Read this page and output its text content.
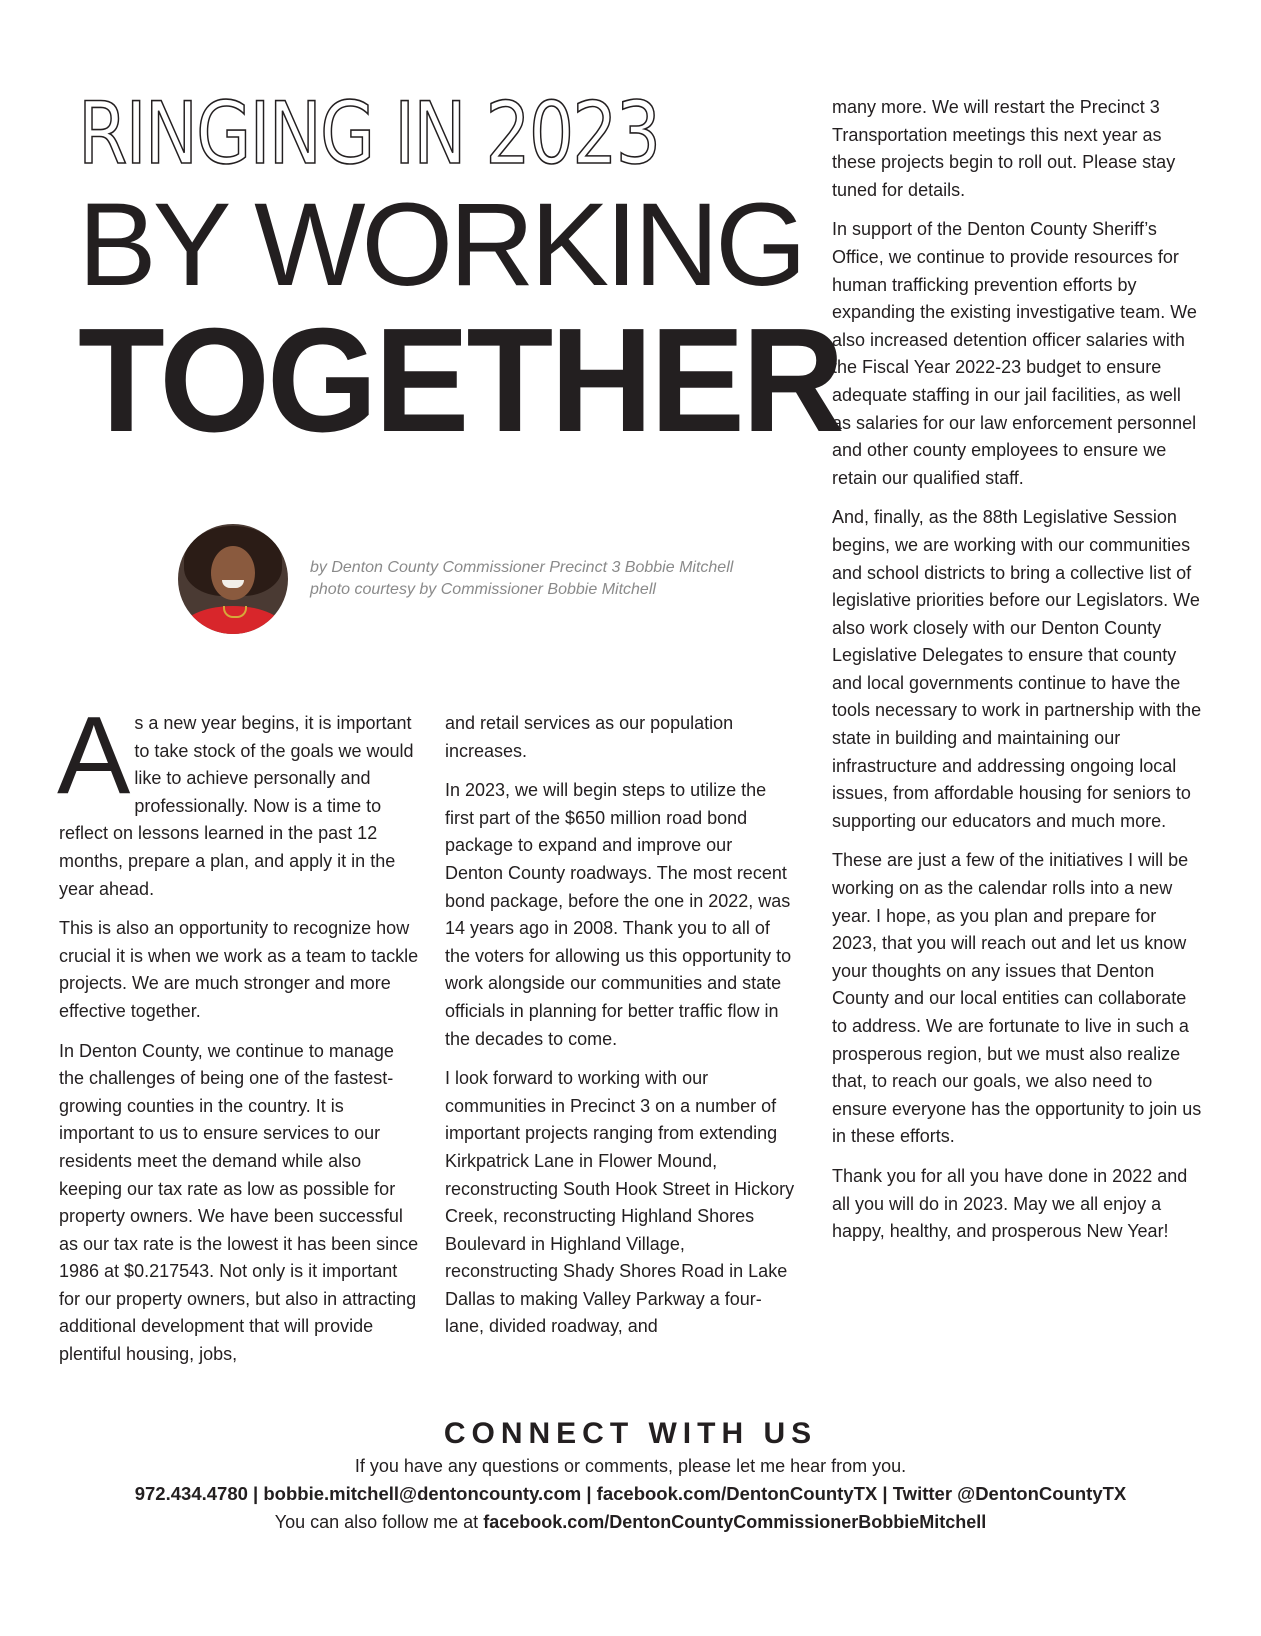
RINGING IN 2023
BY WORKING
TOGETHER
by Denton County Commissioner Precinct 3 Bobbie Mitchell
photo courtesy by Commissioner Bobbie Mitchell

As a new year begins, it is important to take stock of the goals we would like to achieve personally and professionally. Now is a time to reflect on lessons learned in the past 12 months, prepare a plan, and apply it in the year ahead.

This is also an opportunity to recognize how crucial it is when we work as a team to tackle projects. We are much stronger and more effective together.

In Denton County, we continue to manage the challenges of being one of the fastest-growing counties in the country. It is important to us to ensure services to our residents meet the demand while also keeping our tax rate as low as possible for property owners. We have been successful as our tax rate is the lowest it has been since 1986 at $0.217543. Not only is it important for our property owners, but also in attracting additional development that will provide plentiful housing, jobs,

and retail services as our population increases.

In 2023, we will begin steps to utilize the first part of the $650 million road bond package to expand and improve our Denton County roadways. The most recent bond package, before the one in 2022, was 14 years ago in 2008. Thank you to all of the voters for allowing us this opportunity to work alongside our communities and state officials in planning for better traffic flow in the decades to come.

I look forward to working with our communities in Precinct 3 on a number of important projects ranging from extending Kirkpatrick Lane in Flower Mound, reconstructing South Hook Street in Hickory Creek, reconstructing Highland Shores Boulevard in Highland Village, reconstructing Shady Shores Road in Lake Dallas to making Valley Parkway a four-lane, divided roadway, and

many more. We will restart the Precinct 3 Transportation meetings this next year as these projects begin to roll out. Please stay tuned for details.

In support of the Denton County Sheriff’s Office, we continue to provide resources for human trafficking prevention efforts by expanding the existing investigative team. We also increased detention officer salaries with the Fiscal Year 2022-23 budget to ensure adequate staffing in our jail facilities, as well as salaries for our law enforcement personnel and other county employees to ensure we retain our qualified staff.

And, finally, as the 88th Legislative Session begins, we are working with our communities and school districts to bring a collective list of legislative priorities before our Legislators. We also work closely with our Denton County Legislative Delegates to ensure that county and local governments continue to have the tools necessary to work in partnership with the state in building and maintaining our infrastructure and addressing ongoing local issues, from affordable housing for seniors to supporting our educators and much more.

These are just a few of the initiatives I will be working on as the calendar rolls into a new year. I hope, as you plan and prepare for 2023, that you will reach out and let us know your thoughts on any issues that Denton County and our local entities can collaborate to address. We are fortunate to live in such a prosperous region, but we must also realize that, to reach our goals, we also need to ensure everyone has the opportunity to join us in these efforts.

Thank you for all you have done in 2022 and all you will do in 2023. May we all enjoy a happy, healthy, and prosperous New Year!

CONNECT WITH US
If you have any questions or comments, please let me hear from you.
972.434.4780 | bobbie.mitchell@dentoncounty.com | facebook.com/DentonCountyTX | Twitter @DentonCountyTX
You can also follow me at facebook.com/DentonCountyCommissionerBobbieMitchell
